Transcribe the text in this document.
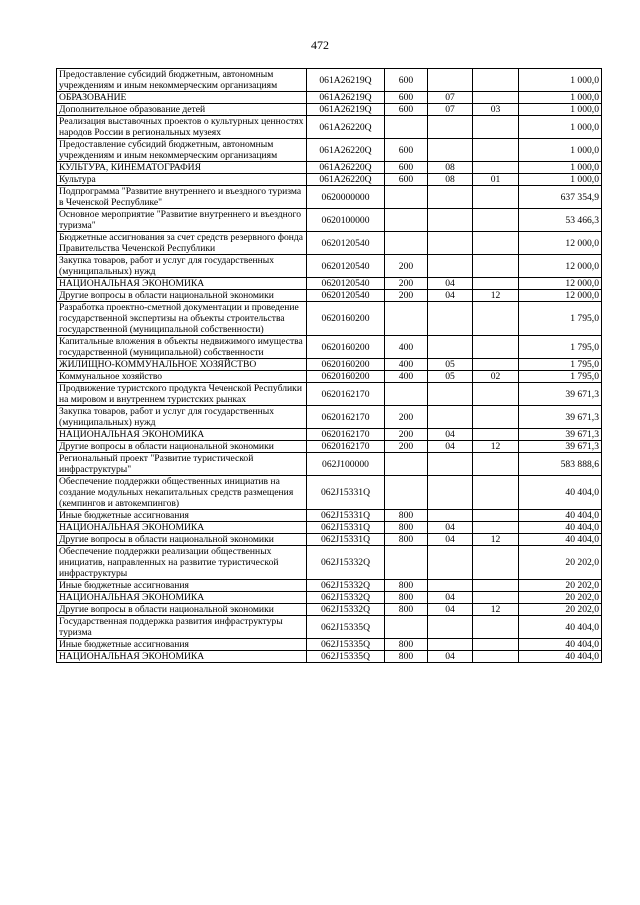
472
Предоставление субсидий бюджетным, автономным учреждениям и иным некоммерческим организациям	061А26219Q	600			1 000,0
ОБРАЗОВАНИЕ	061А26219Q	600	07		1 000,0
Дополнительное образование детей	061А26219Q	600	07	03	1 000,0
Реализация выставочных проектов о культурных ценностях народов России в региональных музеях	061А26220Q				1 000,0
Предоставление субсидий бюджетным, автономным учреждениям и иным некоммерческим организациям	061А26220Q	600			1 000,0
КУЛЬТУРА, КИНЕМАТОГРАФИЯ	061А26220Q	600	08		1 000,0
Культура	061А26220Q	600	08	01	1 000,0
Подпрограмма "Развитие внутреннего и въездного туризма в Чеченской Республике"	0620000000				637 354,9
Основное мероприятие "Развитие внутреннего и въездного туризма"	0620100000				53 466,3
Бюджетные ассигнования за счет средств резервного фонда Правительства Чеченской Республики	0620120540				12 000,0
Закупка товаров, работ и услуг для государственных (муниципальных) нужд	0620120540	200			12 000,0
НАЦИОНАЛЬНАЯ ЭКОНОМИКА	0620120540	200	04		12 000,0
Другие вопросы в области национальной экономики	0620120540	200	04	12	12 000,0
Разработка проектно-сметной документации и проведение государственной экспертизы на объекты строительства государственной (муниципальной собственности)	0620160200				1 795,0
Капитальные вложения в объекты недвижимого имущества государственной (муниципальной) собственности	0620160200	400			1 795,0
ЖИЛИЩНО-КОММУНАЛЬНОЕ ХОЗЯЙСТВО	0620160200	400	05		1 795,0
Коммунальное хозяйство	0620160200	400	05	02	1 795,0
Продвижение туристского продукта Чеченской Республики на мировом и внутреннем туристских рынках	0620162170				39 671,3
Закупка товаров, работ и услуг для государственных (муниципальных) нужд	0620162170	200			39 671,3
НАЦИОНАЛЬНАЯ ЭКОНОМИКА	0620162170	200	04		39 671,3
Другие вопросы в области национальной экономики	0620162170	200	04	12	39 671,3
Региональный проект "Развитие туристической инфраструктуры"	062J100000				583 888,6
Обеспечение поддержки общественных инициатив на создание модульных некапитальных средств размещения (кемпингов и автокемпингов)	062J15331Q				40 404,0
Иные бюджетные ассигнования	062J15331Q	800			40 404,0
НАЦИОНАЛЬНАЯ ЭКОНОМИКА	062J15331Q	800	04		40 404,0
Другие вопросы в области национальной экономики	062J15331Q	800	04	12	40 404,0
Обеспечение поддержки реализации общественных инициатив, направленных на развитие туристической инфраструктуры	062J15332Q				20 202,0
Иные бюджетные ассигнования	062J15332Q	800			20 202,0
НАЦИОНАЛЬНАЯ ЭКОНОМИКА	062J15332Q	800	04		20 202,0
Другие вопросы в области национальной экономики	062J15332Q	800	04	12	20 202,0
Государственная поддержка развития инфраструктуры туризма	062J15335Q				40 404,0
Иные бюджетные ассигнования	062J15335Q	800			40 404,0
НАЦИОНАЛЬНАЯ ЭКОНОМИКА	062J15335Q	800	04		40 404,0
